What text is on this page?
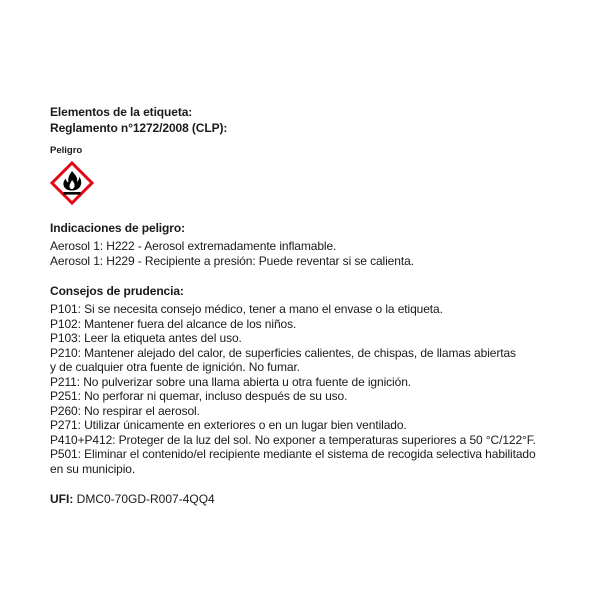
Elementos de la etiqueta:

Reglamento n°1272/2008 (CLP):

Peligro

Indicaciones de peligro:

Aerosol 1: H222 - Aerosol extremadamente inflamable.
Aerosol 1: H229 - Recipiente a presión: Puede reventar si se calienta.

Consejos de prudencia:

P101: Si se necesita consejo médico, tener a mano el envase o la etiqueta.
P102: Mantener fuera del alcance de los niños.
P103: Leer la etiqueta antes del uso.
P210: Mantener alejado del calor, de superficies calientes, de chispas, de llamas abiertas
y de cualquier otra fuente de ignición. No fumar.
P211: No pulverizar sobre una llama abierta u otra fuente de ignición.
P251: No perforar ni quemar, incluso después de su uso.
P260: No respirar el aerosol.
P271: Utilizar únicamente en exteriores o en un lugar bien ventilado.
P410+P412: Proteger de la luz del sol. No exponer a temperaturas superiores a 50 °C/122°F.
P501: Eliminar el contenido/el recipiente mediante el sistema de recogida selectiva habilitado
en su municipio.
UFI: DMC0-70GD-R007-4QQ4
